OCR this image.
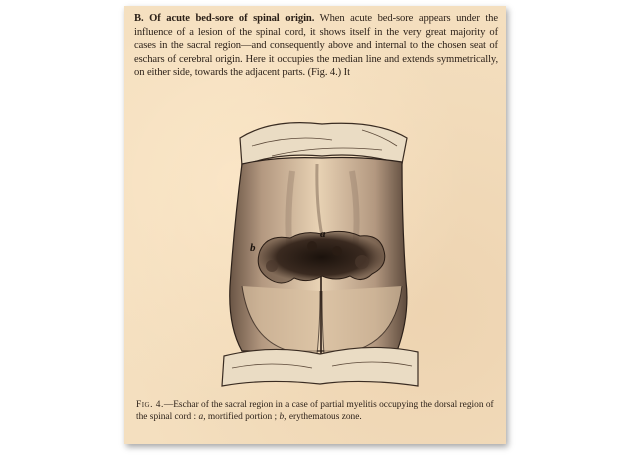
B. Of acute bed-sore of spinal origin. When acute bed-sore appears under the influence of a lesion of the spinal cord, it shows itself in the very great majority of cases in the sacral region—and consequently above and internal to the chosen seat of eschars of cerebral origin. Here it occupies the median line and extends symmetrically, on either side, towards the adjacent parts. (Fig. 4.) It
a
b
Fig. 4.—Eschar of the sacral region in a case of partial myelitis occupying the dorsal region of the spinal cord : a, mortified portion ; b, erythematous zone.
